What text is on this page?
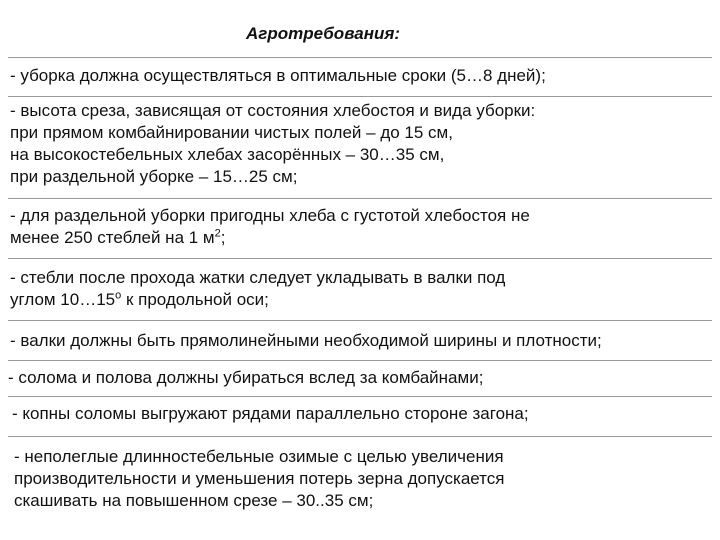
Агротребования:
- уборка должна осуществляться в оптимальные сроки (5…8 дней);
- высота среза, зависящая от состояния хлебостоя и вида уборки:
при прямом комбайнировании чистых полей – до 15 см,
на высокостебельных хлебах засорённых – 30…35 см,
при раздельной уборке – 15…25 см;
- для раздельной уборки пригодны хлеба с густотой хлебостоя не
менее 250 стеблей на 1 $м^2$;
- стебли после прохода жатки следует укладывать в валки под
углом $10\dots 15^о$ к продольной оси;
- валки должны быть прямолинейными необходимой ширины и плотности;
- солома и полова должны убираться вслед за комбайнами;
- копны соломы выгружают рядами параллельно стороне загона;
- неполеглые длинностебельные озимые с целью увеличения
производительности и уменьшения потерь зерна допускается
скашивать на повышенном срезе – 30..35 см;
